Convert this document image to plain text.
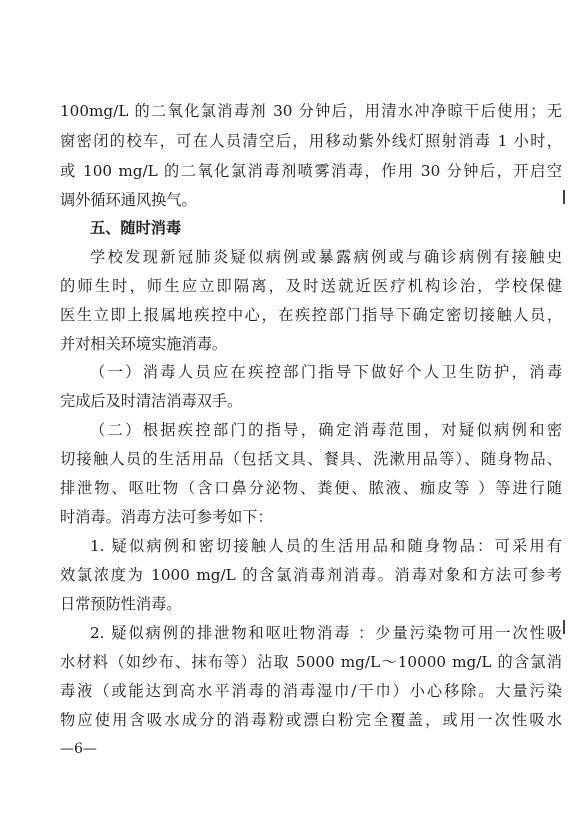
100mg/L 的二氧化氯消毒剂 30 分钟后，用清水冲净晾干后使用；无
窗密闭的校车，可在人员清空后，用移动紫外线灯照射消毒 1 小时，
或 100 mg/L 的二氧化氯消毒剂喷雾消毒，作用 30 分钟后，开启空
调外循环通风换气。
五、随时消毒
学校发现新冠肺炎疑似病例或暴露病例或与确诊病例有接触史
的师生时，师生应立即隔离，及时送就近医疗机构诊治，学校保健
医生立即上报属地疾控中心，在疾控部门指导下确定密切接触人员，
并对相关环境实施消毒。
（一）消毒人员应在疾控部门指导下做好个人卫生防护，消毒
完成后及时清洁消毒双手。
（二）根据疾控部门的指导，确定消毒范围，对疑似病例和密
切接触人员的生活用品（包括文具、餐具、洗漱用品等）、随身物品、
排泄物、呕吐物（含口鼻分泌物、粪便、脓液、痂皮等 ）等进行随
时消毒。消毒方法可参考如下：
1. 疑似病例和密切接触人员的生活用品和随身物品：可采用有
效氯浓度为 1000 mg/L 的含氯消毒剂消毒。消毒对象和方法可参考
日常预防性消毒。
2. 疑似病例的排泄物和呕吐物消毒 ：少量污染物可用一次性吸
水材料（如纱布、抹布等）沾取 5000 mg/L～10000 mg/L 的含氯消
毒液（或能达到高水平消毒的消毒湿巾/干巾）小心移除。大量污染
物应使用含吸水成分的消毒粉或漂白粉完全覆盖，或用一次性吸水
—6—
